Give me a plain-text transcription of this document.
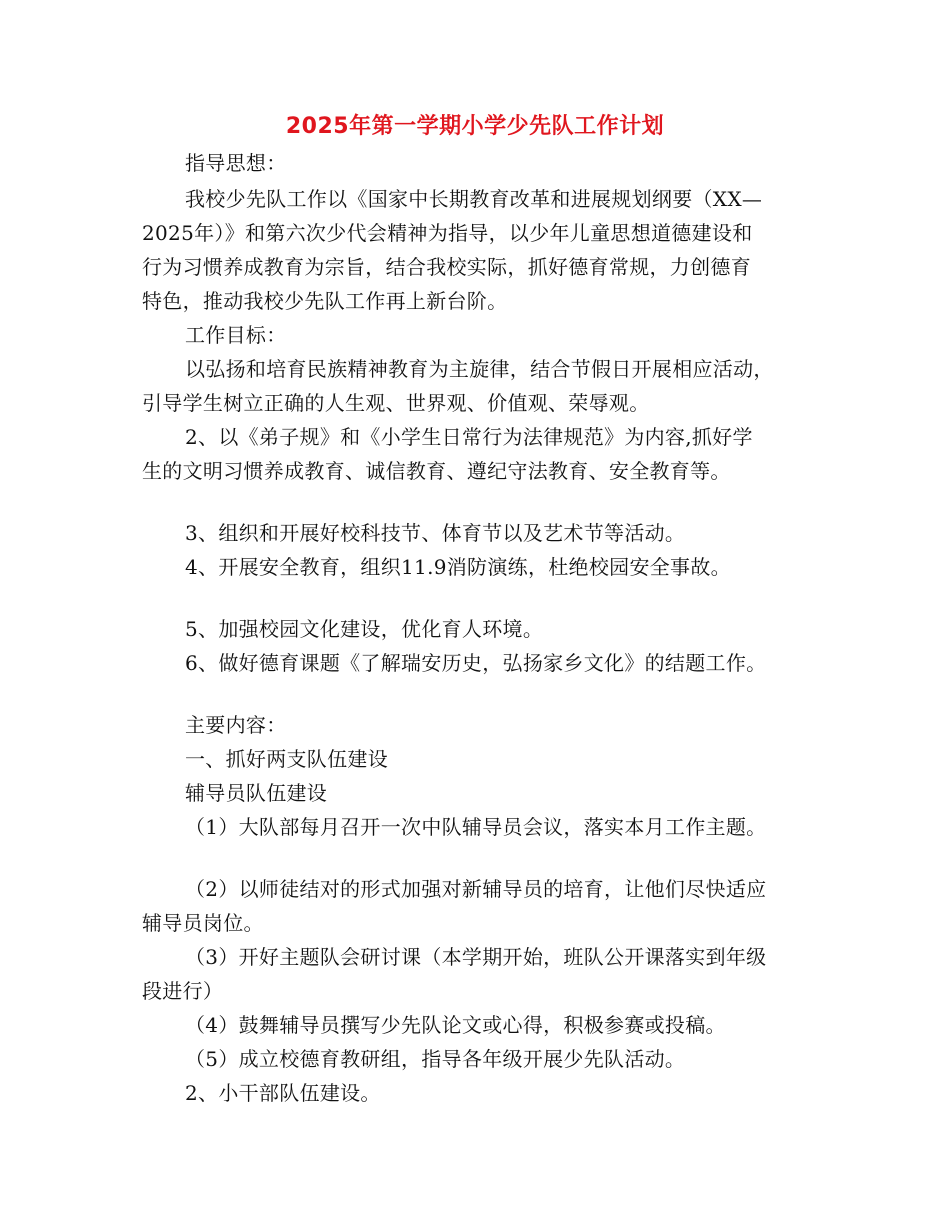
2025年第一学期小学少先队工作计划
指导思想：
我校少先队工作以《国家中长期教育改革和进展规划纲要（XX—
2025年）》和第六次少代会精神为指导，以少年儿童思想道德建设和
行为习惯养成教育为宗旨，结合我校实际，抓好德育常规，力创德育
特色，推动我校少先队工作再上新台阶。
工作目标：
以弘扬和培育民族精神教育为主旋律，结合节假日开展相应活动，
引导学生树立正确的人生观、世界观、价值观、荣辱观。
2、以《弟子规》和《小学生日常行为法律规范》为内容,抓好学
生的文明习惯养成教育、诚信教育、遵纪守法教育、安全教育等。
3、组织和开展好校科技节、体育节以及艺术节等活动。
4、开展安全教育，组织11.9消防演练，杜绝校园安全事故。
5、加强校园文化建设，优化育人环境。
6、做好德育课题《了解瑞安历史，弘扬家乡文化》的结题工作。
主要内容：
一、抓好两支队伍建设
辅导员队伍建设
（1）大队部每月召开一次中队辅导员会议，落实本月工作主题。
（2）以师徒结对的形式加强对新辅导员的培育，让他们尽快适应
辅导员岗位。
（3）开好主题队会研讨课（本学期开始，班队公开课落实到年级
段进行）
（4）鼓舞辅导员撰写少先队论文或心得，积极参赛或投稿。
（5）成立校德育教研组，指导各年级开展少先队活动。
2、小干部队伍建设。
